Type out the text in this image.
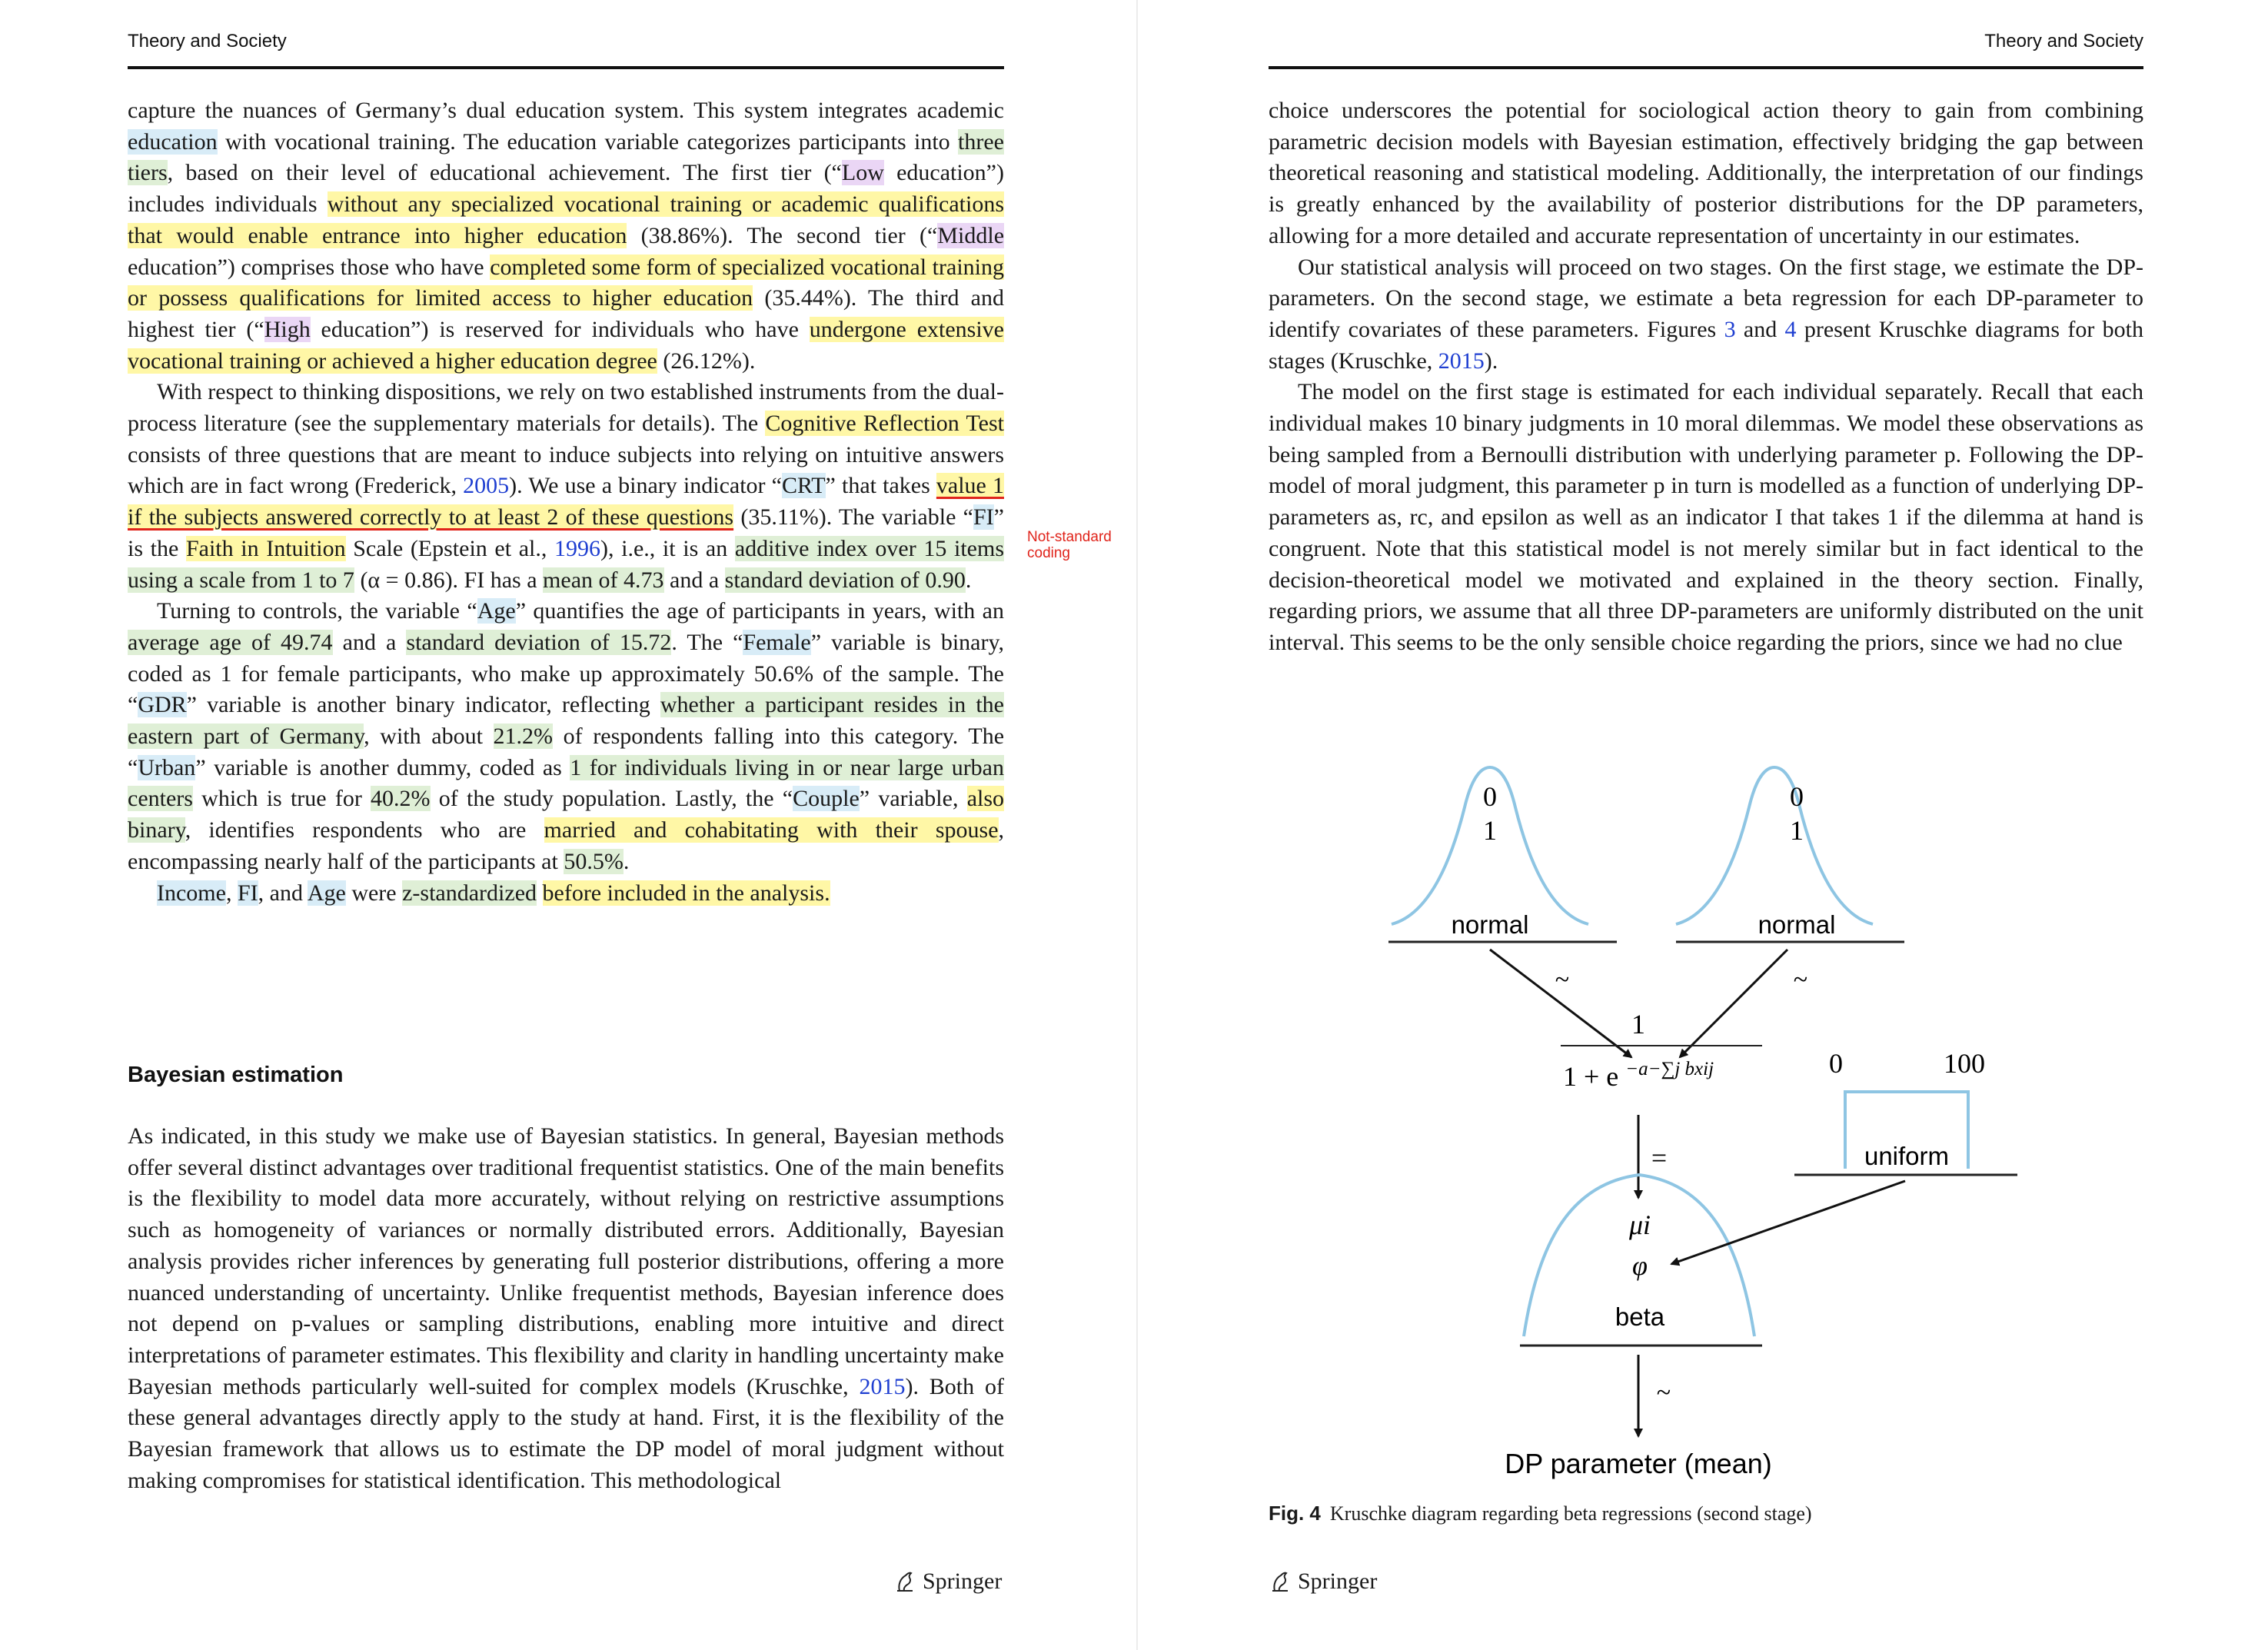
Theory and Society

capture the nuances of Germany’s dual education system. This system integrates academic education with vocational training. The education variable categorizes participants into three tiers, based on their level of educational achievement. The first tier (“Low education”) includes individuals without any specialized vocational training or academic qualifications that would enable entrance into higher education (38.86%). The second tier (“Middle education”) comprises those who have completed some form of specialized vocational training or possess qualifications for limited access to higher education (35.44%). The third and highest tier (“High education”) is reserved for individuals who have undergone extensive vocational training or achieved a higher education degree (26.12%).

With respect to thinking dispositions, we rely on two established instruments from the dual-process literature (see the supplementary materials for details). The Cognitive Reflection Test consists of three questions that are meant to induce subjects into relying on intuitive answers which are in fact wrong (Frederick, 2005). We use a binary indicator “CRT” that takes value 1 if the subjects answered correctly to at least 2 of these questions (35.11%). The variable “FI” is the Faith in Intuition Scale (Epstein et al., 1996), i.e., it is an additive index over 15 items using a scale from 1 to 7 (α = 0.86). FI has a mean of 4.73 and a standard deviation of 0.90.

Turning to controls, the variable “Age” quantifies the age of participants in years, with an average age of 49.74 and a standard deviation of 15.72. The “Female” variable is binary, coded as 1 for female participants, who make up approximately 50.6% of the sample. The “GDR” variable is another binary indicator, reflecting whether a participant resides in the eastern part of Germany, with about 21.2% of respondents falling into this category. The “Urban” variable is another dummy, coded as 1 for individuals living in or near large urban centers which is true for 40.2% of the study population. Lastly, the “Couple” variable, also binary, identifies respondents who are married and cohabitating with their spouse, encompassing nearly half of the participants at 50.5%.

Income, FI, and Age were z-standardized before included in the analysis.

Not-standard
coding
Bayesian estimation

As indicated, in this study we make use of Bayesian statistics. In general, Bayesian methods offer several distinct advantages over traditional frequentist statistics. One of the main benefits is the flexibility to model data more accurately, without relying on restrictive assumptions such as homogeneity of variances or normally distributed errors. Additionally, Bayesian analysis provides richer inferences by generating full posterior distributions, offering a more nuanced understanding of uncertainty. Unlike frequentist methods, Bayesian inference does not depend on p-values or sampling distributions, enabling more intuitive and direct interpretations of parameter estimates. This flexibility and clarity in handling uncertainty make Bayesian methods particularly well-suited for complex models (Kruschke, 2015). Both of these general advantages directly apply to the study at hand. First, it is the flexibility of the Bayesian framework that allows us to estimate the DP model of moral judgment without making compromises for statistical identification. This methodological

Springer
Theory and Society

choice underscores the potential for sociological action theory to gain from combining parametric decision models with Bayesian estimation, effectively bridging the gap between theoretical reasoning and statistical modeling. Additionally, the interpretation of our findings is greatly enhanced by the availability of posterior distributions for the DP parameters, allowing for a more detailed and accurate representation of uncertainty in our estimates.

Our statistical analysis will proceed on two stages. On the first stage, we estimate the DP-parameters. On the second stage, we estimate a beta regression for each DP-parameter to identify covariates of these parameters. Figures 3 and 4 present Kruschke diagrams for both stages (Kruschke, 2015).

The model on the first stage is estimated for each individual separately. Recall that each individual makes 10 binary judgments in 10 moral dilemmas. We model these observations as being sampled from a Bernoulli distribution with underlying parameter p. Following the DP-model of moral judgment, this parameter p in turn is modelled as a function of underlying DP-parameters as, rc, and epsilon as well as an indicator I that takes 1 if the dilemma at hand is congruent. Note that this statistical model is not merely similar but in fact identical to the decision-theoretical model we motivated and explained in the theory section. Finally, regarding priors, we assume that all three DP-parameters are uniformly distributed on the unit interval. This seems to be the only sensible choice regarding the priors, since we had no clue

Fig. 4 Kruschke diagram regarding beta regressions (second stage)
Springer
0
1
normal
~
0
1
normal
~
1
1 + e $^{-a-\sum j bxij}$	0	100
uniform
=
μi
φ
beta
~
DP parameter (mean)
